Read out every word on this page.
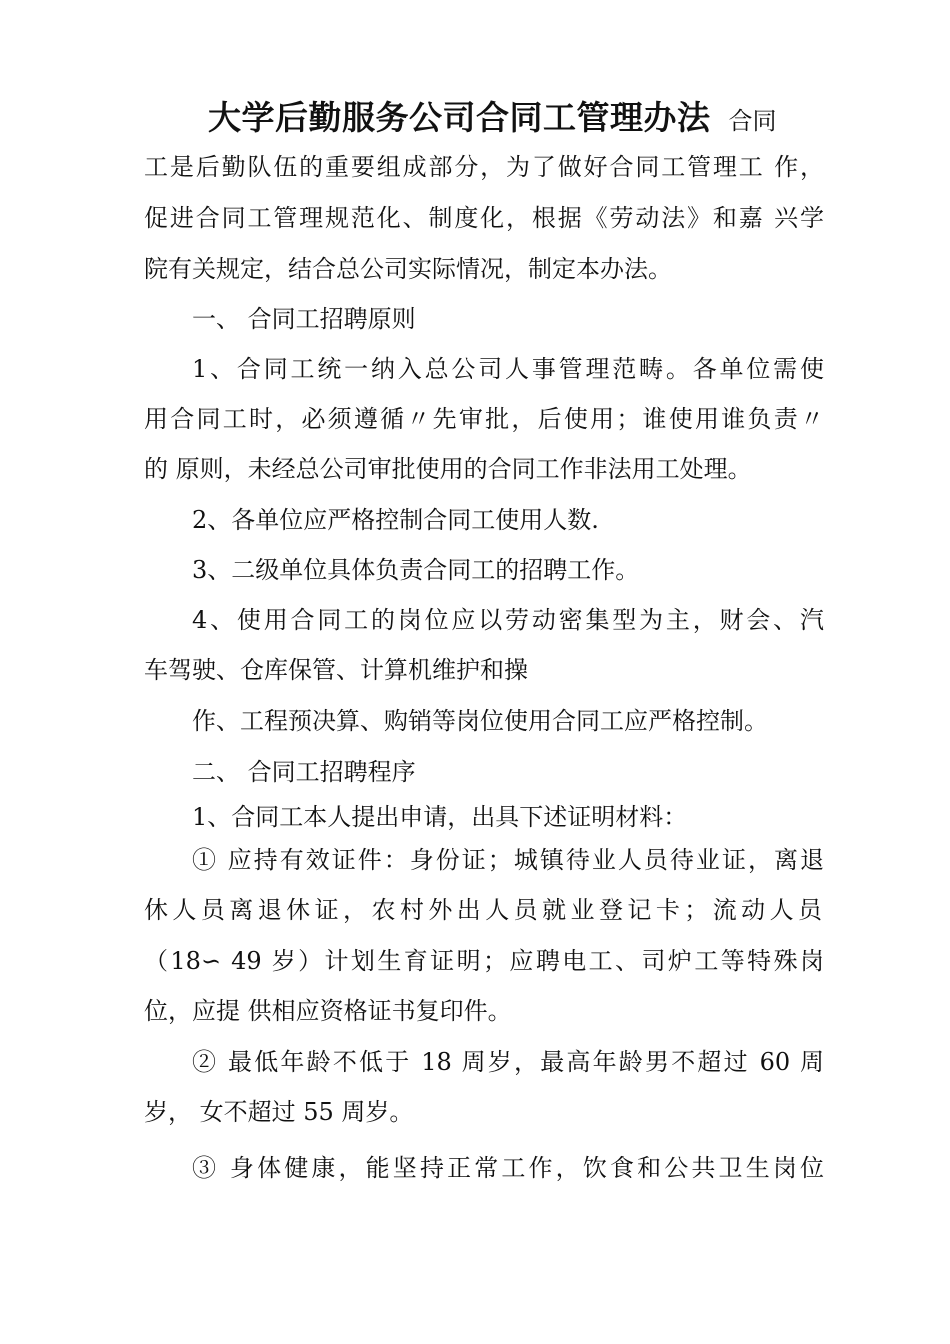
大学后勤服务公司合同工管理办法 合同
工是后勤队伍的重要组成部分，为了做好合同工管理工 作，
促进合同工管理规范化、制度化，根据《劳动法》和嘉 兴学
院有关规定，结合总公司实际情况，制定本办法。
一、 合同工招聘原则
1、合同工统一纳入总公司人事管理范畴。各单位需使
用合同工时，必须遵循〃先审批，后使用；谁使用谁负责〃
的 原则，未经总公司审批使用的合同工作非法用工处理。
2、各单位应严格控制合同工使用人数.
3、二级单位具体负责合同工的招聘工作。
4、使用合同工的岗位应以劳动密集型为主，财会、汽
车驾驶、仓库保管、计算机维护和操
作、工程预决算、购销等岗位使用合同工应严格控制。
二、 合同工招聘程序
1、合同工本人提出申请，出具下述证明材料：
① 应持有效证件：身份证；城镇待业人员待业证，离退
休人员离退休证，农村外出人员就业登记卡；流动人员
（18∽ 49 岁）计划生育证明；应聘电工、司炉工等特殊岗
位，应提 供相应资格证书复印件。
② 最低年龄不低于 18 周岁，最高年龄男不超过 60 周
岁， 女不超过 55 周岁。
③ 身体健康，能坚持正常工作，饮食和公共卫生岗位
